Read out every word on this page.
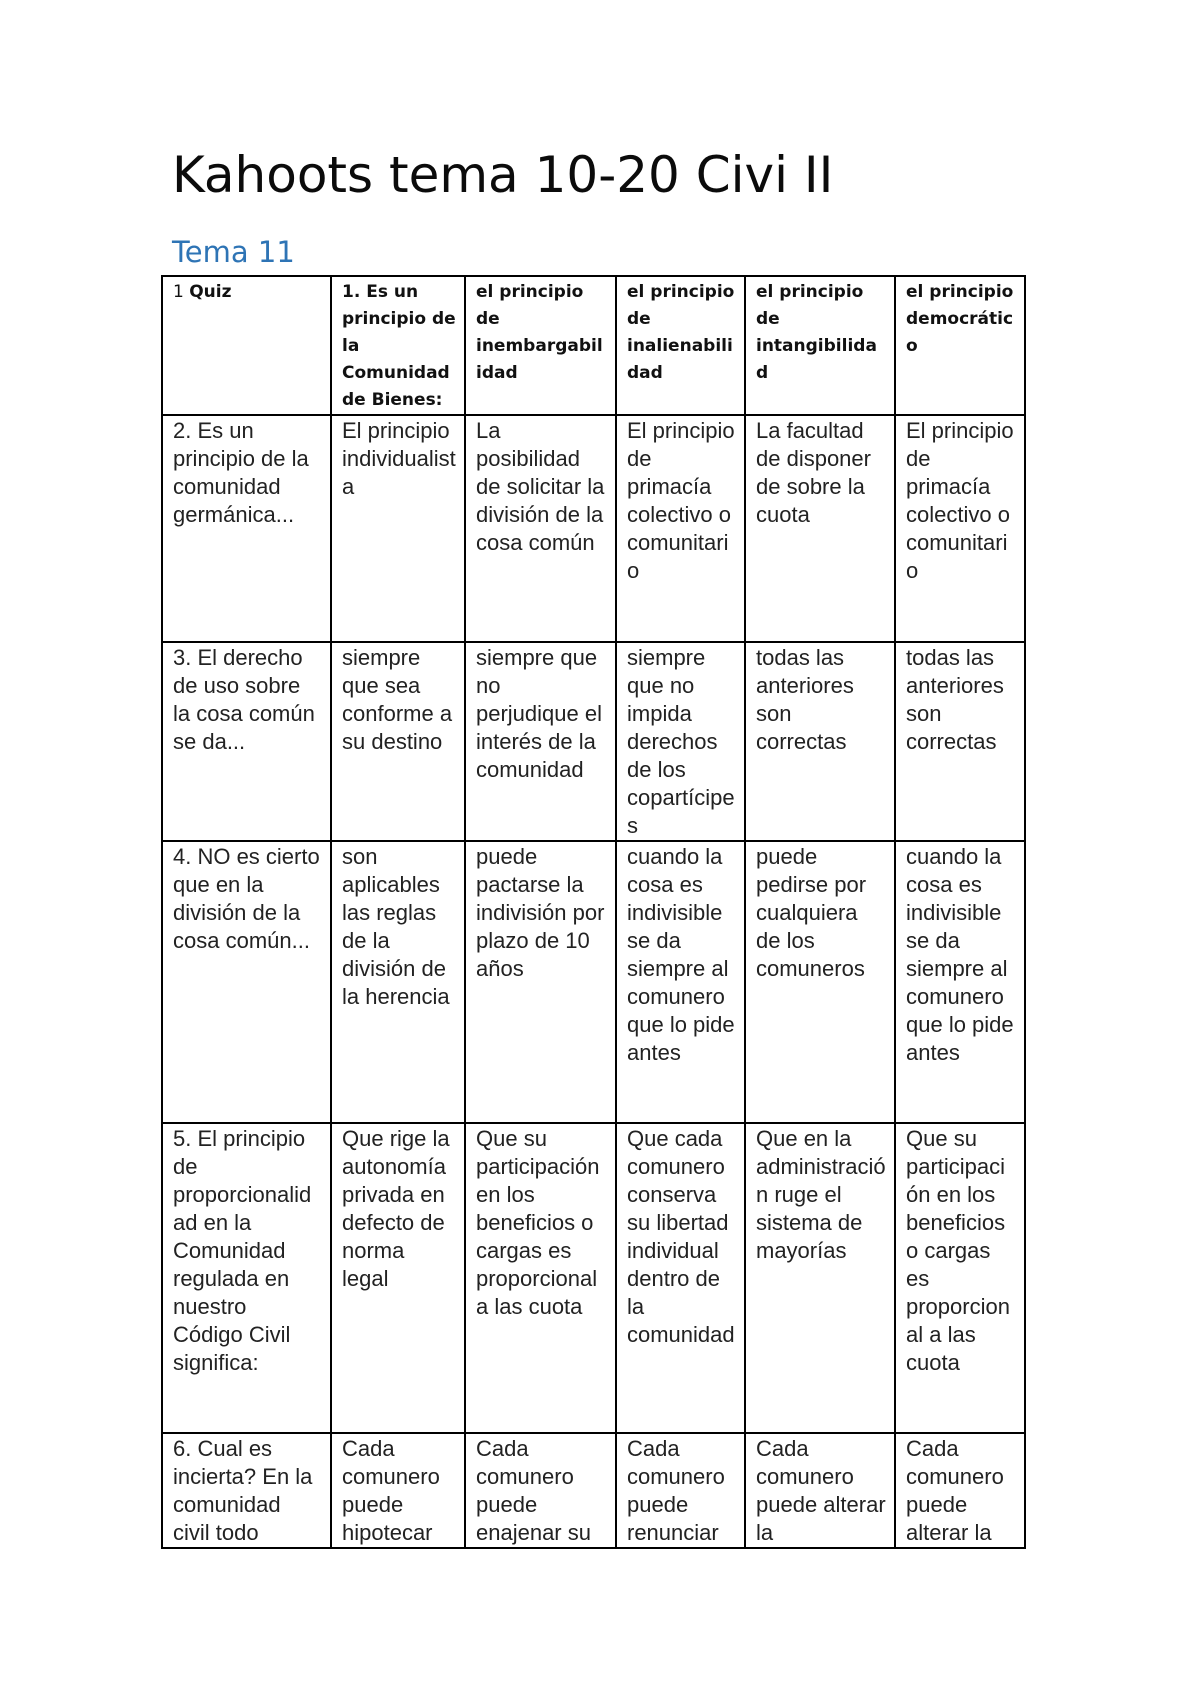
Kahoots tema 10-20 Civi II
Tema 11
1 Quiz	1. Es un principio de la Comunidad de Bienes:	el principio de inembargabilidad	el principio de inalienabilidad	el principio de intangibilidad	el principio democrático
2. Es un principio de la comunidad germánica...	El principio individualista	La posibilidad de solicitar la división de la cosa común	El principio de primacía colectivo o comunitario	La facultad de disponer de sobre la cuota	El principio de primacía colectivo o comunitario
3. El derecho de uso sobre la cosa común se da...	siempre que sea conforme a su destino	siempre que no perjudique el interés de la comunidad	siempre que no impida derechos de los copartícipes	todas las anteriores son correctas	todas las anteriores son correctas
4. NO es cierto que en la división de la cosa común...	son aplicables las reglas de la división de la herencia	puede pactarse la indivisión por plazo de 10 años	cuando la cosa es indivisible se da siempre al comunero que lo pide antes	puede pedirse por cualquiera de los comuneros	cuando la cosa es indivisible se da siempre al comunero que lo pide antes
5. El principio de proporcionalidad en la Comunidad regulada en nuestro Código Civil significa:	Que rige la autonomía privada en defecto de norma legal	Que su participación en los beneficios o cargas es proporcional a las cuota	Que cada comunero conserva su libertad individual dentro de la comunidad	Que en la administración ruge el sistema de mayorías	Que su participación en los beneficios o cargas es proporcional a las cuota
6. Cual es incierta? En la comunidad civil todo	Cada comunero puede hipotecar	Cada comunero puede enajenar su	Cada comunero puede renunciar	Cada comunero puede alterar la	Cada comunero puede alterar la
